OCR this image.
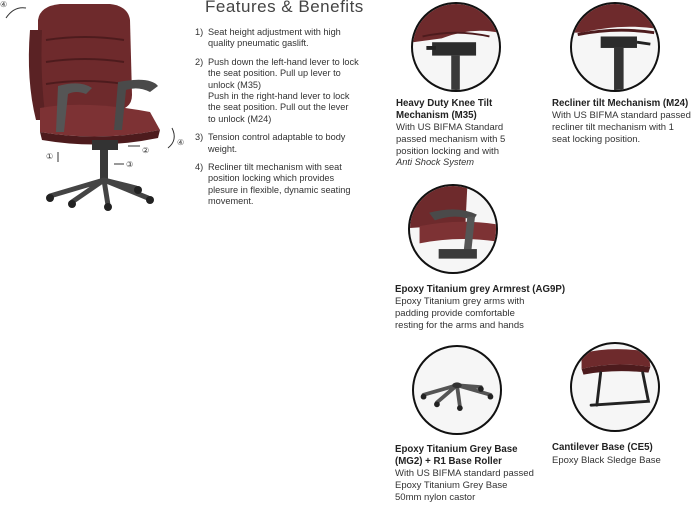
④
①
②
③
④
Features & Benefits
1) Seat height adjustment with high
quality pneumatic gaslift.
2) Push down the left-hand lever to lock
the seat position. Pull up lever to
unlock (M35)
Push in the right-hand lever to lock
the seat position. Pull out the lever
to unlock (M24)
3) Tension control adaptable to body
weight.
4) Recliner tilt mechanism with seat
position locking which provides
plesure in flexible, dynamic seating
movement.
Heavy Duty Knee Tilt
Mechanism (M35)
With US BIFMA Standard
passed mechanism with 5
position locking and with
Anti Shock System
Recliner tilt Mechanism (M24)
With US BIFMA standard passed
recliner tilt mechanism with 1
seat locking position.
Epoxy Titanium grey Armrest (AG9P)
Epoxy Titanium grey arms with
padding provide comfortable
resting for the arms and hands
Epoxy Titanium Grey Base
(MG2) + R1 Base Roller
With US BIFMA standard passed
Epoxy Titanium Grey Base
50mm nylon castor
Cantilever Base (CE5)
Epoxy Black Sledge Base
